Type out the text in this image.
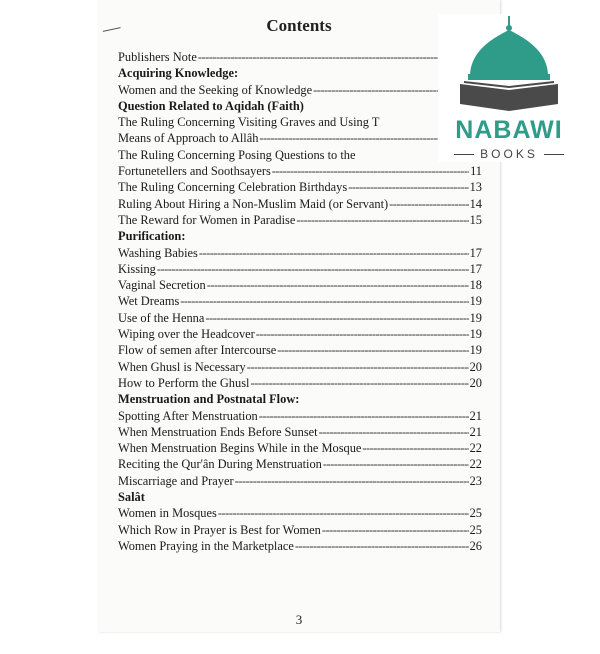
Contents
3
Publishers Note
-----
Acquiring Knowledge:
Women and the Seeking of Knowledge
-----
Question Related to Aqidah (Faith)
The Ruling Concerning Visiting Graves and Using T
Means of Approach to Allâh
-----
The Ruling Concerning Posing Questions to the
Fortunetellers and Soothsayers -----	11
The Ruling Concerning Celebration Birthdays -----	13
Ruling About Hiring a Non-Muslim Maid (or Servant) -----	14
The Reward for Women in Paradise -----	15
Purification:
Washing Babies -----	17
Kissing -----	17
Vaginal Secretion -----	18
Wet Dreams -----	19
Use of the Henna -----	19
Wiping over the Headcover -----	19
Flow of semen after Intercourse -----	19
When Ghusl is Necessary -----	20
How to Perform the Ghusl -----	20
Menstruation and Postnatal Flow:
Spotting After Menstruation -----	21
When Menstruation Ends Before Sunset -----	21
When Menstruation Begins While in the Mosque -----	22
Reciting the Qur'ân During Menstruation -----	22
Miscarriage and Prayer -----	23
Salât
Women in Mosques -----	25
Which Row in Prayer is Best for Women -----	25
Women Praying in the Marketplace -----	26
NABAWI
BOOKS
